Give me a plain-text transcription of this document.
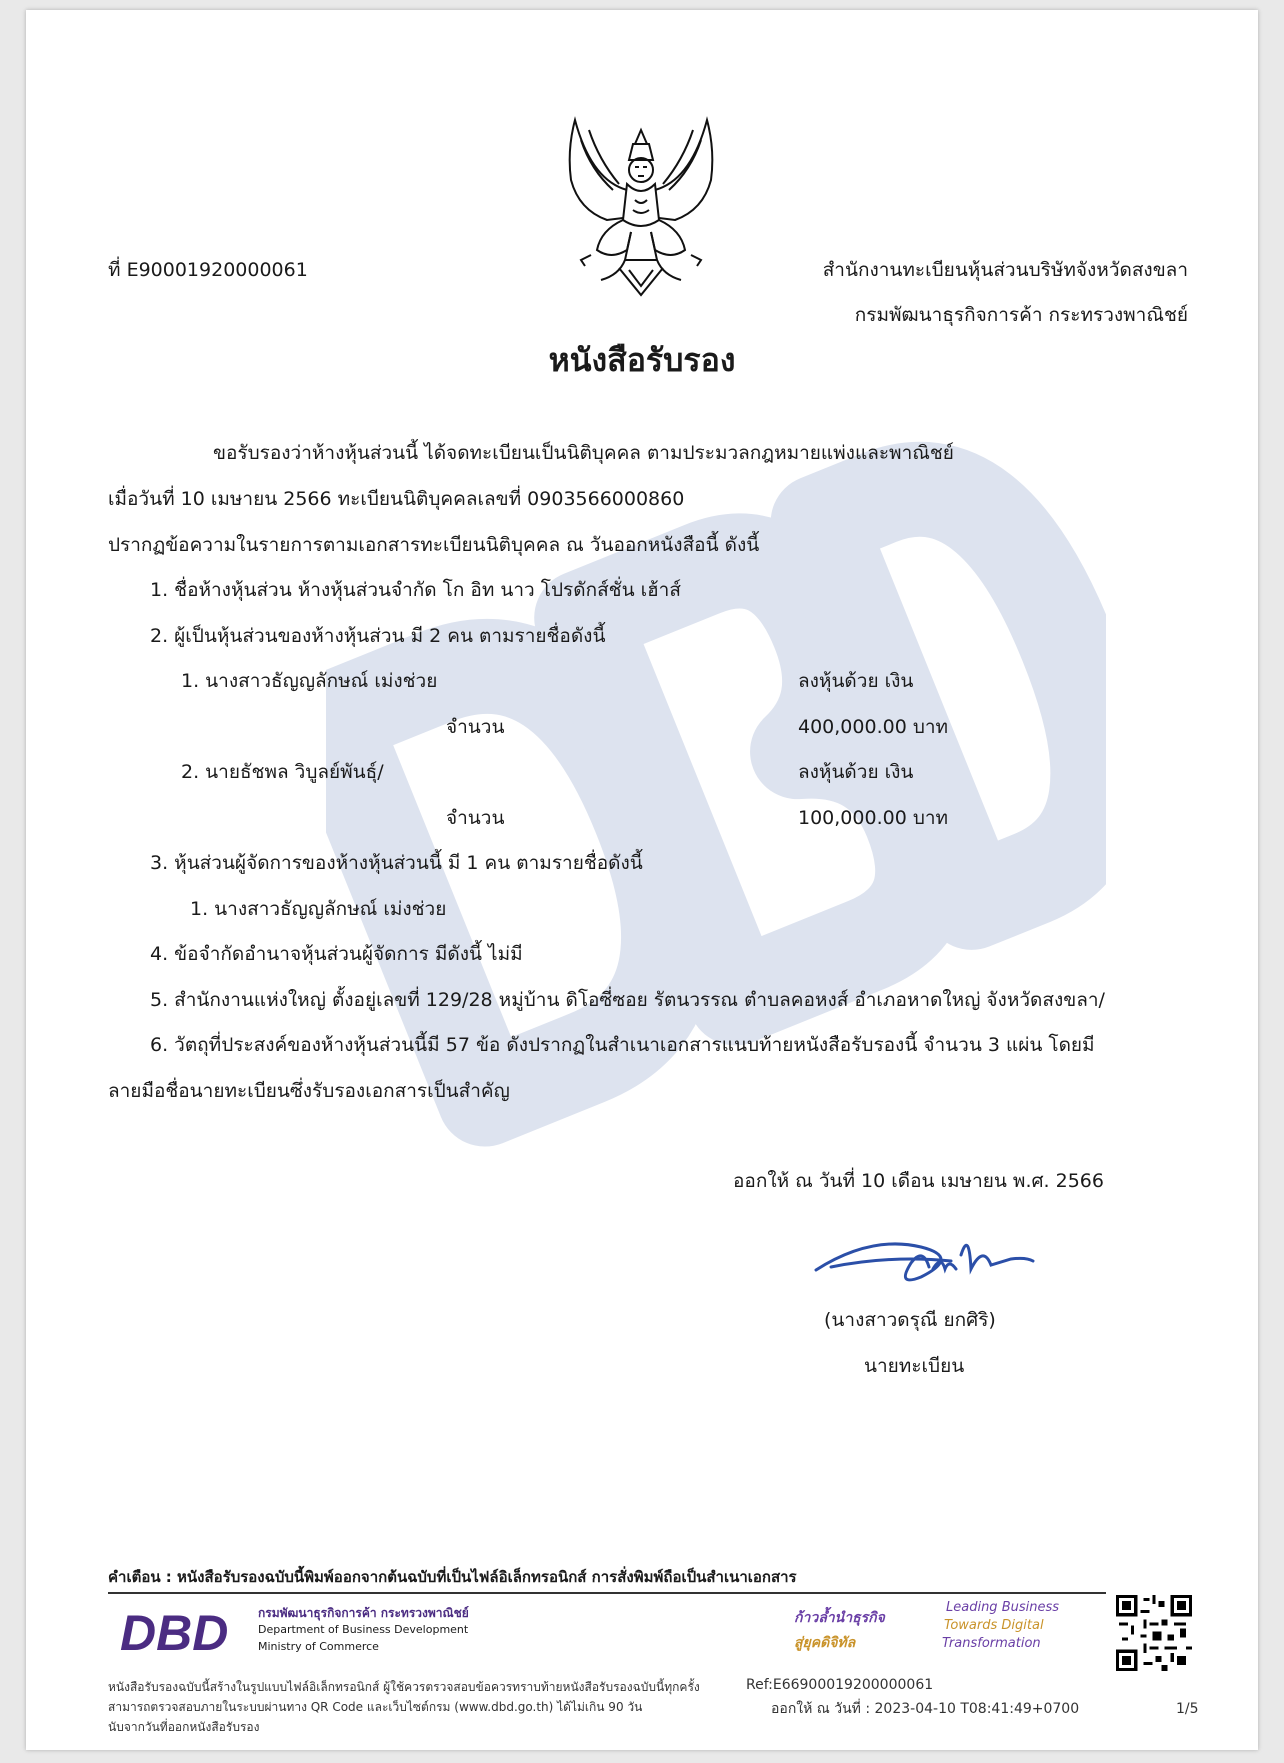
ที่ E90001920000061	สำนักงานทะเบียนหุ้นส่วนบริษัทจังหวัดสงขลา
กรมพัฒนาธุรกิจการค้า กระทรวงพาณิชย์
หนังสือรับรอง
ขอรับรองว่าห้างหุ้นส่วนนี้ ได้จดทะเบียนเป็นนิติบุคคล ตามประมวลกฎหมายแพ่งและพาณิชย์
เมื่อวันที่ 10 เมษายน 2566 ทะเบียนนิติบุคคลเลขที่ 0903566000860
ปรากฏข้อความในรายการตามเอกสารทะเบียนนิติบุคคล ณ วันออกหนังสือนี้ ดังนี้
1. ชื่อห้างหุ้นส่วน ห้างหุ้นส่วนจำกัด โก อิท นาว โปรดักส์ชั่น เฮ้าส์
2. ผู้เป็นหุ้นส่วนของห้างหุ้นส่วน มี 2 คน ตามรายชื่อดังนี้
1. นางสาวธัญญลักษณ์ เม่งช่วย	ลงหุ้นด้วย เงิน
จำนวน	400,000.00 บาท
2. นายธัชพล วิบูลย์พันธุ์/	ลงหุ้นด้วย เงิน
จำนวน	100,000.00 บาท
3. หุ้นส่วนผู้จัดการของห้างหุ้นส่วนนี้ มี 1 คน ตามรายชื่อดังนี้
1. นางสาวธัญญลักษณ์ เม่งช่วย
4. ข้อจำกัดอำนาจหุ้นส่วนผู้จัดการ มีดังนี้ ไม่มี
5. สำนักงานแห่งใหญ่ ตั้งอยู่เลขที่ 129/28 หมู่บ้าน ดิโอซี่ซอย รัตนวรรณ ตำบลคอหงส์ อำเภอหาดใหญ่ จังหวัดสงขลา/
6. วัตถุที่ประสงค์ของห้างหุ้นส่วนนี้มี 57 ข้อ ดังปรากฏในสำเนาเอกสารแนบท้ายหนังสือรับรองนี้ จำนวน 3 แผ่น โดยมี
ลายมือชื่อนายทะเบียนซึ่งรับรองเอกสารเป็นสำคัญ
ออกให้ ณ วันที่ 10 เดือน เมษายน พ.ศ. 2566
(นางสาวดรุณี ยกศิริ)
นายทะเบียน
คำเตือน : หนังสือรับรองฉบับนี้พิมพ์ออกจากต้นฉบับที่เป็นไฟล์อิเล็กทรอนิกส์ การสั่งพิมพ์ถือเป็นสำเนาเอกสาร
DBD กรมพัฒนาธุรกิจการค้า กระทรวงพาณิชย์
Department of Business Development
Ministry of Commerce
ก้าวล้ำนำธุรกิจ
สู่ยุคดิจิทัล
Leading Business
Towards Digital
Transformation
หนังสือรับรองฉบับนี้สร้างในรูปแบบไฟล์อิเล็กทรอนิกส์ ผู้ใช้ควรตรวจสอบข้อควรทราบท้ายหนังสือรับรองฉบับนี้ทุกครั้ง
สามารถตรวจสอบภายในระบบผ่านทาง QR Code และเว็บไซต์กรม (www.dbd.go.th) ได้ไม่เกิน 90 วัน
นับจากวันที่ออกหนังสือรับรอง
Ref:E66900019200000061
ออกให้ ณ วันที่ : 2023-04-10 T08:41:49+0700	1/5
